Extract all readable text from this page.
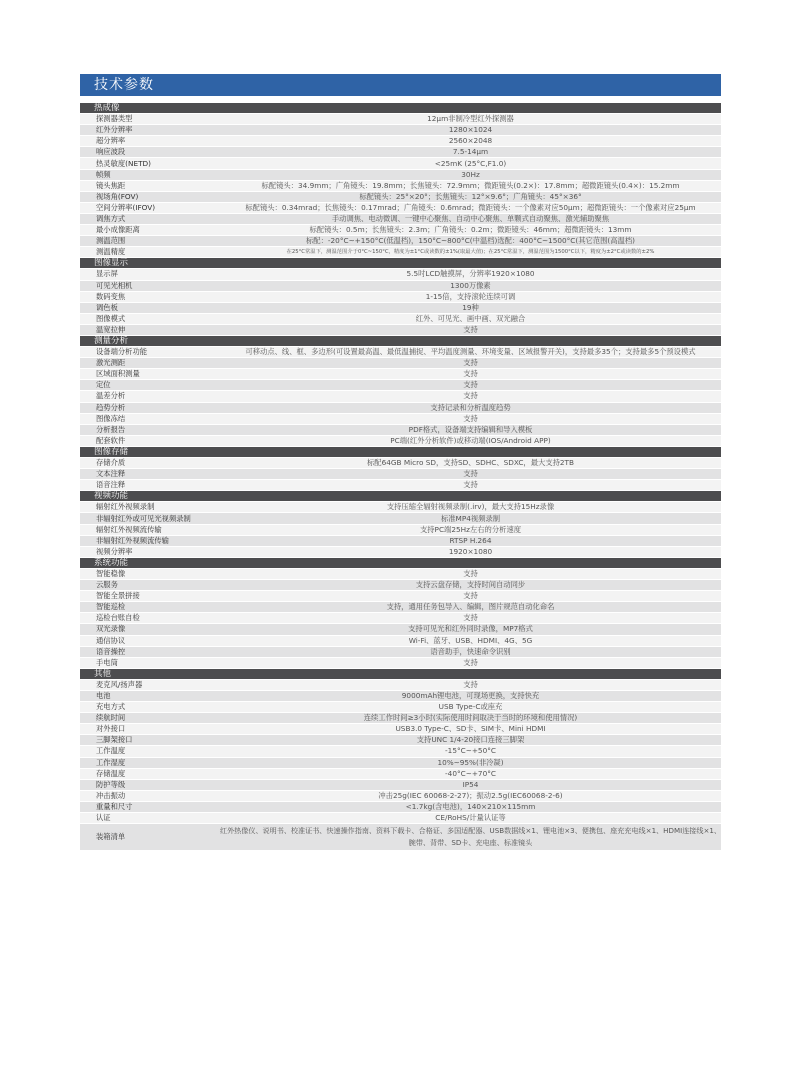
技术参数
热成像	
探测器类型	12μm非制冷型红外探测器
红外分辨率	1280×1024
超分辨率	2560×2048
响应波段	7.5-14μm
热灵敏度(NETD)	<25mK (25°C,F1.0)
帧频	30Hz
镜头焦距	标配镜头：34.9mm；广角镜头：19.8mm；长焦镜头：72.9mm；微距镜头(0.2×)：17.8mm；超微距镜头(0.4×)：15.2mm
视场角(FOV)	标配镜头：25°×20°；长焦镜头：12°×9.6°；广角镜头：45°×36°
空间分辨率(IFOV)	标配镜头：0.34mrad；长焦镜头：0.17mrad；广角镜头：0.6mrad；微距镜头：一个像素对应50μm；超微距镜头：一个像素对应25μm
调焦方式	手动调焦、电动微调、一键中心聚焦、自动中心聚焦、单颗式自动聚焦、激光辅助聚焦
最小成像距离	标配镜头：0.5m；长焦镜头：2.3m；广角镜头：0.2m；微距镜头：46mm；超微距镜头：13mm
测温范围	标配：-20°C~+150°C(低温档)，150°C~800°C(中温档)选配：400°C~1500°C(其它范围(高温档)
测温精度	在25°C常温下，测温范围介于0°C~150°C，精度为±1°C或读数的±1%(取最大值)；在25°C常温下，测温范围为1500°C以下，精度为±2°C或读数的±2%
图像显示	
显示屏	5.5吋LCD触摸屏，分辨率1920×1080
可见光相机	1300万像素
数码变焦	1-15倍，支持滚轮连续可调
调色板	19种
图像模式	红外、可见光、画中画、双光融合
温宽拉伸	支持
测量分析	
设备端分析功能	可移动点、线、框、多边形(可设置最高温、最低温捕捉、平均温度测量、环境变量、区域报警开关)，支持最多35个；支持最多5个预设模式
激光测距	支持
区域面积测量	支持
定位	支持
温差分析	支持
趋势分析	支持记录和分析温度趋势
图像冻结	支持
分析报告	PDF格式，设备端支持编辑和导入模板
配套软件	PC端(红外分析软件)或移动端(IOS/Android APP)
图像存储	
存储介质	标配64GB Micro SD，支持SD、SDHC、SDXC，最大支持2TB
文本注释	支持
语音注释	支持
视频功能	
辐射红外视频录制	支持压缩全辐射视频录制(.irv)，最大支持15Hz录像
非辐射红外或可见光视频录制	标准MP4视频录制
辐射红外视频流传输	支持PC端25Hz左右的分析速度
非辐射红外视频流传输	RTSP H.264
视频分辨率	1920×1080
系统功能	
智能稳像	支持
云服务	支持云盘存储，支持时间自动同步
智能全景拼接	支持
智能巡检	支持，通用任务包导入、编辑，图片规范自动化命名
巡检台账自检	支持
双光录像	支持可见光和红外同时录像，MP7格式
通信协议	Wi-Fi、蓝牙、USB、HDMI、4G、5G
语音操控	语音助手，快速命令识别
手电筒	支持
其他	
麦克风/扬声器	支持
电池	9000mAh锂电池，可现场更换，支持快充
充电方式	USB Type-C或座充
续航时间	连续工作时间≥3小时(实际使用时间取决于当时的环境和使用情况)
对外接口	USB3.0 Type-C、SD卡、SIM卡、Mini HDMI
三脚架接口	支持UNC 1/4-20接口连接三脚架
工作温度	-15°C~+50°C
工作湿度	10%~95%(非冷凝)
存储温度	-40°C~+70°C
防护等级	IP54
冲击振动	冲击25g(IEC 60068-2-27)；振动2.5g(IEC60068-2-6)
重量和尺寸	<1.7kg(含电池)，140×210×115mm
认证	CE/RoHS/计量认证等
装箱清单	红外热像仪、说明书、校准证书、快速操作指南、资料下载卡、合格证、多国适配器、USB数据线×1、锂电池×3、便携包、座充充电线×1、HDMI连接线×1、腕带、背带、SD卡、充电座、标准镜头
